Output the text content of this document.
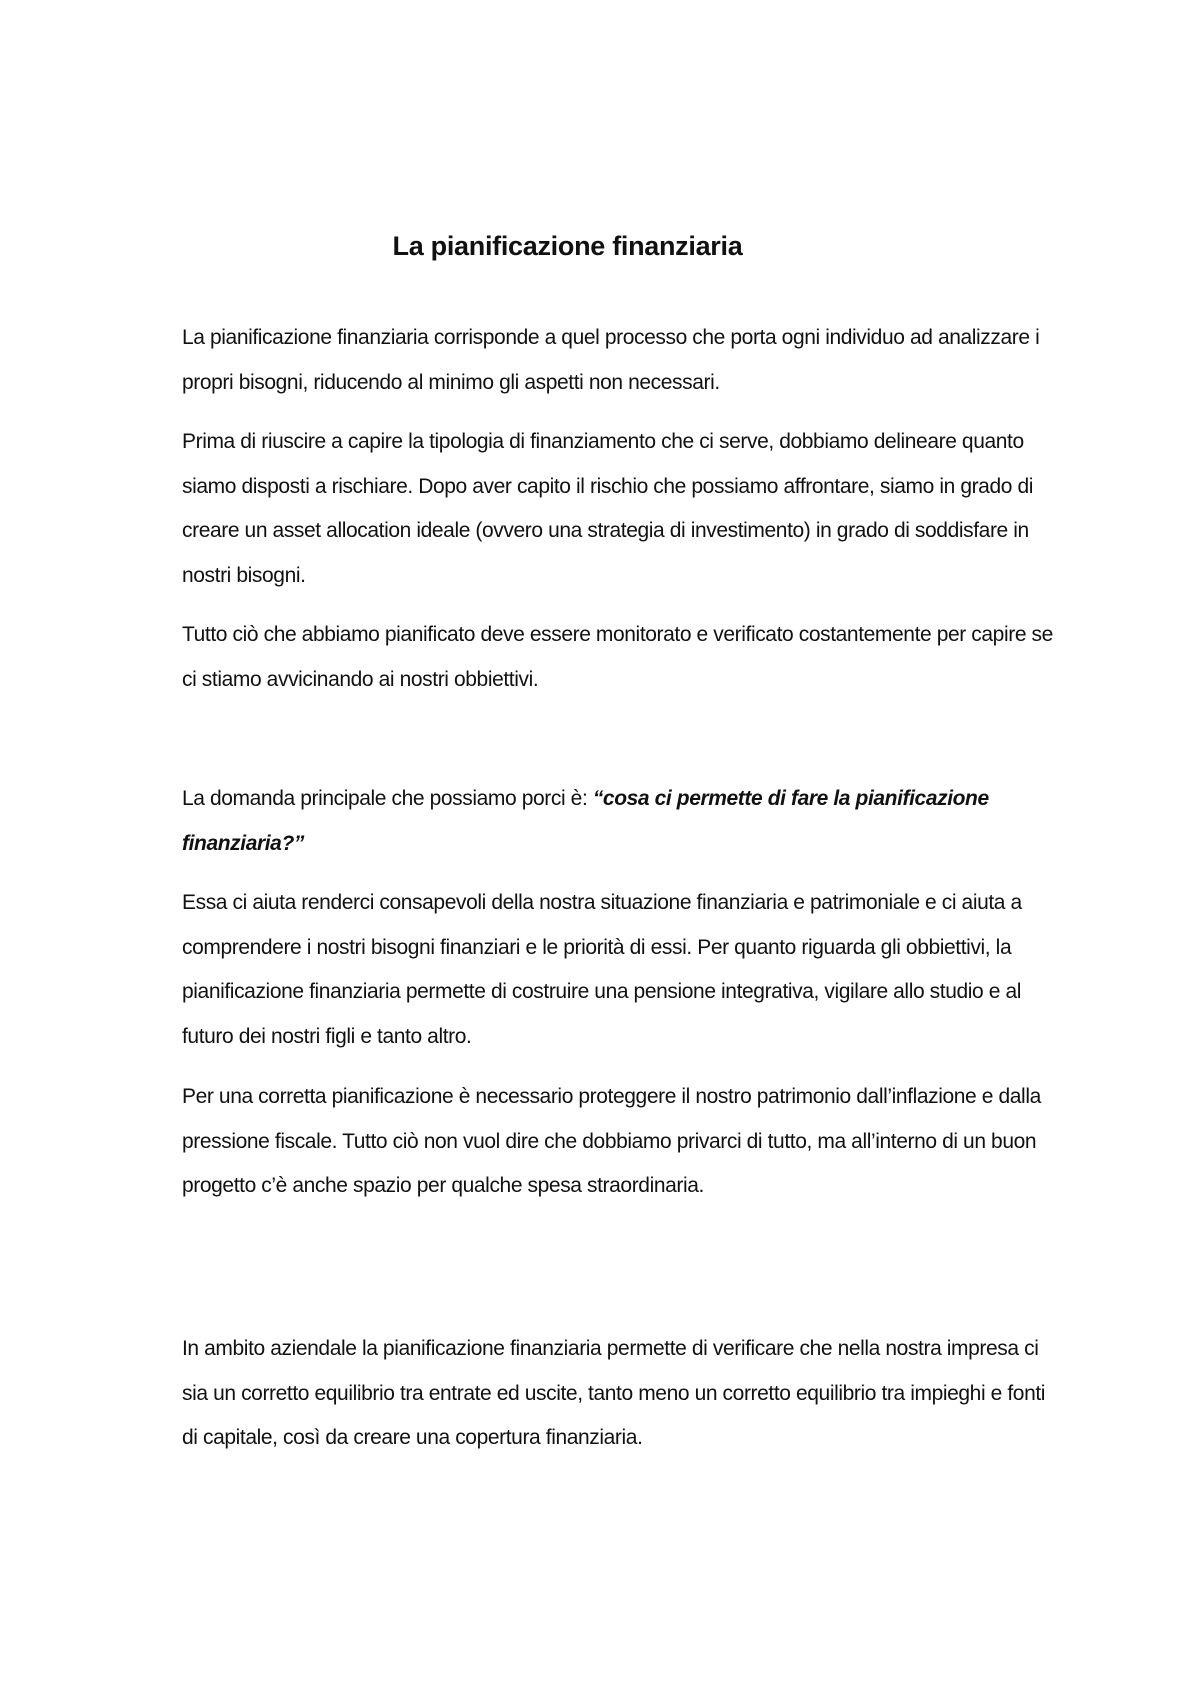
La pianificazione finanziaria

La pianificazione finanziaria corrisponde a quel processo che porta ogni individuo ad analizzare i propri bisogni, riducendo al minimo gli aspetti non necessari.

Prima di riuscire a capire la tipologia di finanziamento che ci serve, dobbiamo delineare quanto siamo disposti a rischiare. Dopo aver capito il rischio che possiamo affrontare, siamo in grado di creare un asset allocation ideale (ovvero una strategia di investimento) in grado di soddisfare in nostri bisogni.

Tutto ciò che abbiamo pianificato deve essere monitorato e verificato costantemente per capire se ci stiamo avvicinando ai nostri obbiettivi.

La domanda principale che possiamo porci è: “cosa ci permette di fare la pianificazione finanziaria?”

Essa ci aiuta renderci consapevoli della nostra situazione finanziaria e patrimoniale e ci aiuta a comprendere i nostri bisogni finanziari e le priorità di essi. Per quanto riguarda gli obbiettivi, la pianificazione finanziaria permette di costruire una pensione integrativa, vigilare allo studio e al futuro dei nostri figli e tanto altro.

Per una corretta pianificazione è necessario proteggere il nostro patrimonio dall’inflazione e dalla pressione fiscale. Tutto ciò non vuol dire che dobbiamo privarci di tutto, ma all’interno di un buon progetto c’è anche spazio per qualche spesa straordinaria.

In ambito aziendale la pianificazione finanziaria permette di verificare che nella nostra impresa ci sia un corretto equilibrio tra entrate ed uscite, tanto meno un corretto equilibrio tra impieghi e fonti di capitale, così da creare una copertura finanziaria.
